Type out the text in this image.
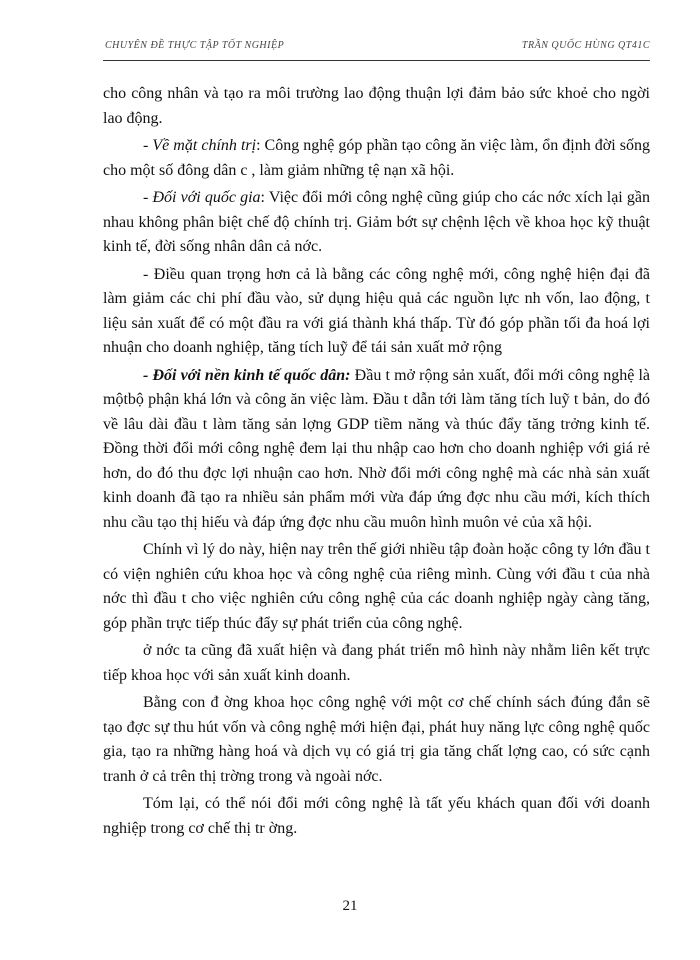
CHUYÊN ĐỀ THỰC TẬP TỐT NGHIỆP	TRẦN QUỐC HÙNG QT41C

cho công nhân và tạo ra môi trường lao động thuận lợi đảm bảo sức khoẻ cho ngời lao động.

- Về mặt chính trị: Công nghệ góp phần tạo công ăn việc làm, ổn định đời sống cho một số đông dân c , làm giảm những tệ nạn xã hội.

- Đối với quốc gia: Việc đổi mới công nghệ cũng giúp cho các nớc xích lại gần nhau không phân biệt chế độ chính trị. Giảm bớt sự chệnh lệch về khoa học kỹ thuật kinh tế, đời sống nhân dân cả nớc.

- Điều quan trọng hơn cả là bằng các công nghệ mới, công nghệ hiện đại đã làm giảm các chi phí đầu vào, sử dụng hiệu quả các nguồn lực nh vốn, lao động, t liệu sản xuất để có một đầu ra với giá thành khá thấp. Từ đó góp phần tối đa hoá lợi nhuận cho doanh nghiệp, tăng tích luỹ để tái sản xuất mở rộng

- Đối với nền kinh tế quốc dân: Đầu t mở rộng sản xuất, đổi mới công nghệ là mộtbộ phận khá lớn và công ăn việc làm. Đầu t dẫn tới làm tăng tích luỹ t bản, do đó về lâu dài đầu t làm tăng sản lợng GDP tiềm năng và thúc đẩy tăng trởng kinh tế. Đồng thời đổi mới công nghệ đem lại thu nhập cao hơn cho doanh nghiệp với giá rẻ hơn, do đó thu đợc lợi nhuận cao hơn. Nhờ đổi mới công nghệ mà các nhà sản xuất kinh doanh đã tạo ra nhiều sản phẩm mới vừa đáp ứng đợc nhu cầu mới, kích thích nhu cầu tạo thị hiếu và đáp ứng đợc nhu cầu muôn hình muôn vẻ của xã hội.

Chính vì lý do này, hiện nay trên thế giới nhiều tập đoàn hoặc công ty lớn đầu t có viện nghiên cứu khoa học và công nghệ của riêng mình. Cùng với đầu t của nhà nớc thì đầu t cho việc nghiên cứu công nghệ của các doanh nghiệp ngày càng tăng, góp phần trực tiếp thúc đẩy sự phát triển của công nghệ.

ở nớc ta cũng đã xuất hiện và đang phát triển mô hình này nhằm liên kết trực tiếp khoa học với sản xuất kinh doanh.

Bằng con đ ờng khoa học công nghệ với một cơ chế chính sách đúng đắn sẽ tạo đợc sự thu hút vốn và công nghệ mới hiện đại, phát huy năng lực công nghệ quốc gia, tạo ra những hàng hoá và dịch vụ có giá trị gia tăng chất lợng cao, có sức cạnh tranh ở cả trên thị trờng trong và ngoài nớc.

Tóm lại, có thể nói đổi mới công nghệ là tất yếu khách quan đối với doanh nghiệp trong cơ chế thị tr ờng.

21
